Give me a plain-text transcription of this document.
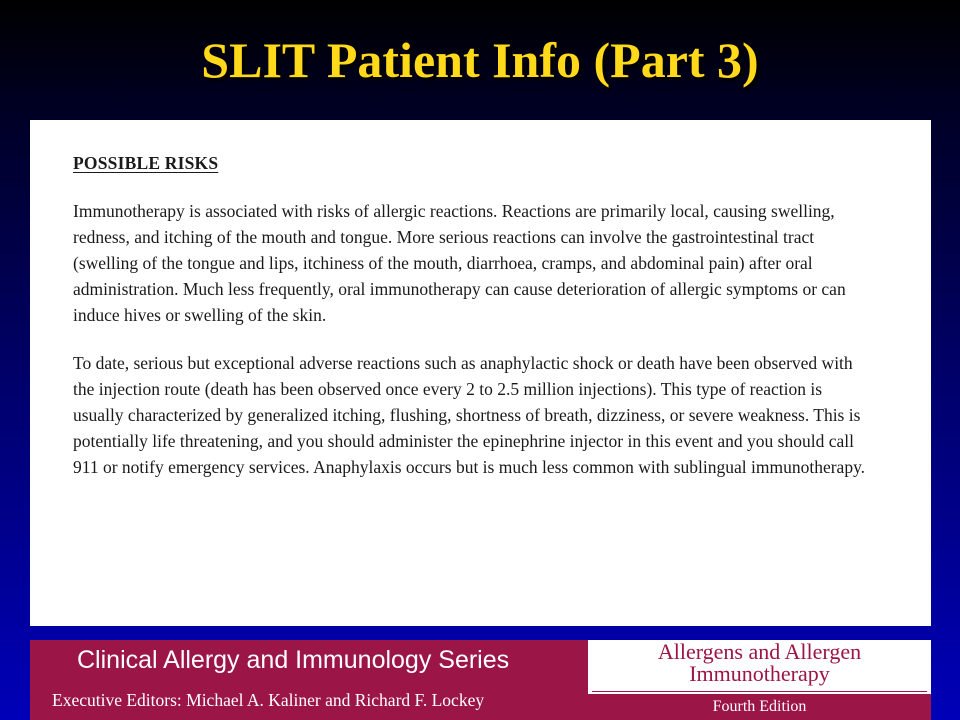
SLIT Patient Info (Part 3)
POSSIBLE RISKS

Immunotherapy is associated with risks of allergic reactions. Reactions are primarily local, causing swelling, redness, and itching of the mouth and tongue. More serious reactions can involve the gastrointestinal tract (swelling of the tongue and lips, itchiness of the mouth, diarrhoea, cramps, and abdominal pain) after oral administration. Much less frequently, oral immunotherapy can cause deterioration of allergic symptoms or can induce hives or swelling of the skin.

To date, serious but exceptional adverse reactions such as anaphylactic shock or death have been observed with the injection route (death has been observed once every 2 to 2.5 million injections). This type of reaction is usually characterized by generalized itching, flushing, shortness of breath, dizziness, or severe weakness. This is potentially life threatening, and you should administer the epinephrine injector in this event and you should call 911 or notify emergency services. Anaphylaxis occurs but is much less common with sublingual immunotherapy.

Clinical Allergy and Immunology Series
Executive Editors: Michael A. Kaliner and Richard F. Lockey
Allergens and Allergen
Immunotherapy
Fourth Edition
